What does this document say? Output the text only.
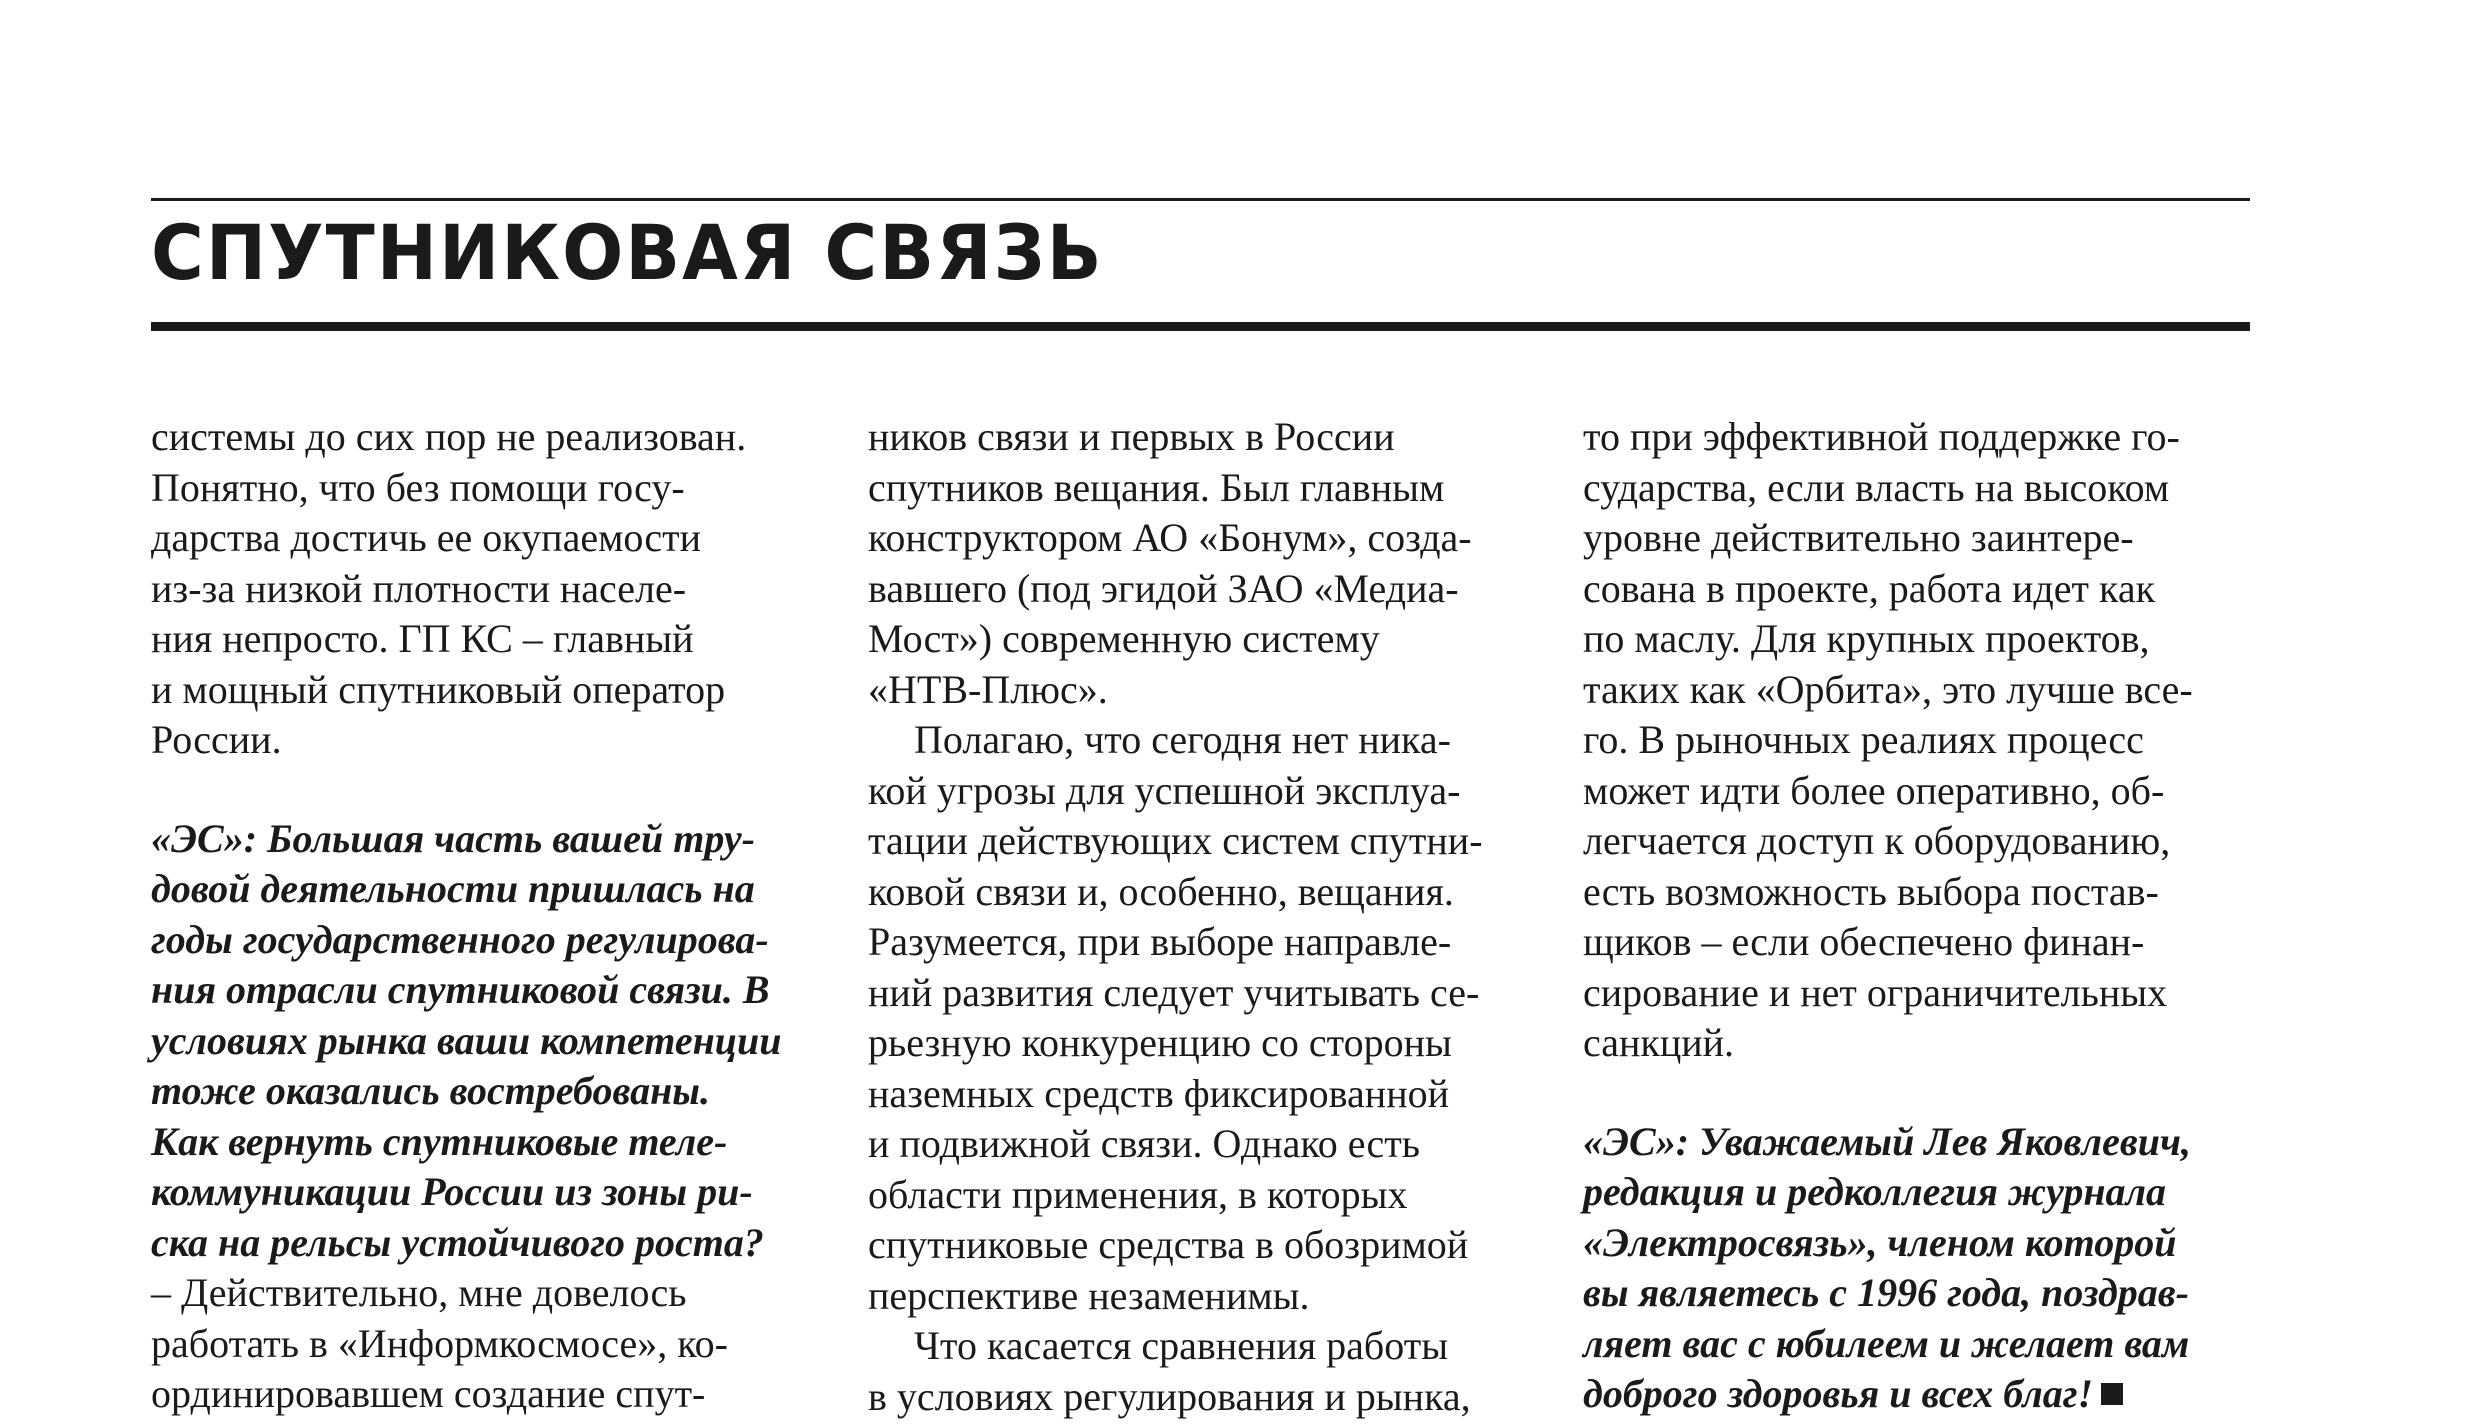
СПУТНИКОВАЯ СВЯЗЬ
системы до сих пор не реализован.
Понятно, что без помощи госу-
дарства достичь ее окупаемости
из-за низкой плотности населе-
ния непросто. ГП КС – главный
и мощный спутниковый оператор
России.
«ЭС»: Большая часть вашей тру-
довой деятельности пришлась на
годы государственного регулирова-
ния отрасли спутниковой связи. В
условиях рынка ваши компетенции
тоже оказались востребованы.
Как вернуть спутниковые теле-
коммуникации России из зоны ри-
ска на рельсы устойчивого роста?
– Действительно, мне довелось
работать в «Информкосмосе», ко-
ординировавшем создание спут-
ников связи и первых в России
спутников вещания. Был главным
конструктором АО «Бонум», созда-
вавшего (под эгидой ЗАО «Медиа-
Мост») современную систему
«НТВ-Плюс».
Полагаю, что сегодня нет ника-
кой угрозы для успешной эксплуа-
тации действующих систем спутни-
ковой связи и, особенно, вещания.
Разумеется, при выборе направле-
ний развития следует учитывать се-
рьезную конкуренцию со стороны
наземных средств фиксированной
и подвижной связи. Однако есть
области применения, в которых
спутниковые средства в обозримой
перспективе незаменимы.
Что касается сравнения работы
в условиях регулирования и рынка,
то при эффективной поддержке го-
сударства, если власть на высоком
уровне действительно заинтере-
сована в проекте, работа идет как
по маслу. Для крупных проектов,
таких как «Орбита», это лучше все-
го. В рыночных реалиях процесс
может идти более оперативно, об-
легчается доступ к оборудованию,
есть возможность выбора постав-
щиков – если обеспечено финан-
сирование и нет ограничительных
санкций.
«ЭС»: Уважаемый Лев Яковлевич,
редакция и редколлегия журнала
«Электросвязь», членом которой
вы являетесь с 1996 года, поздрав-
ляет вас с юбилеем и желает вам
доброго здоровья и всех благ!
